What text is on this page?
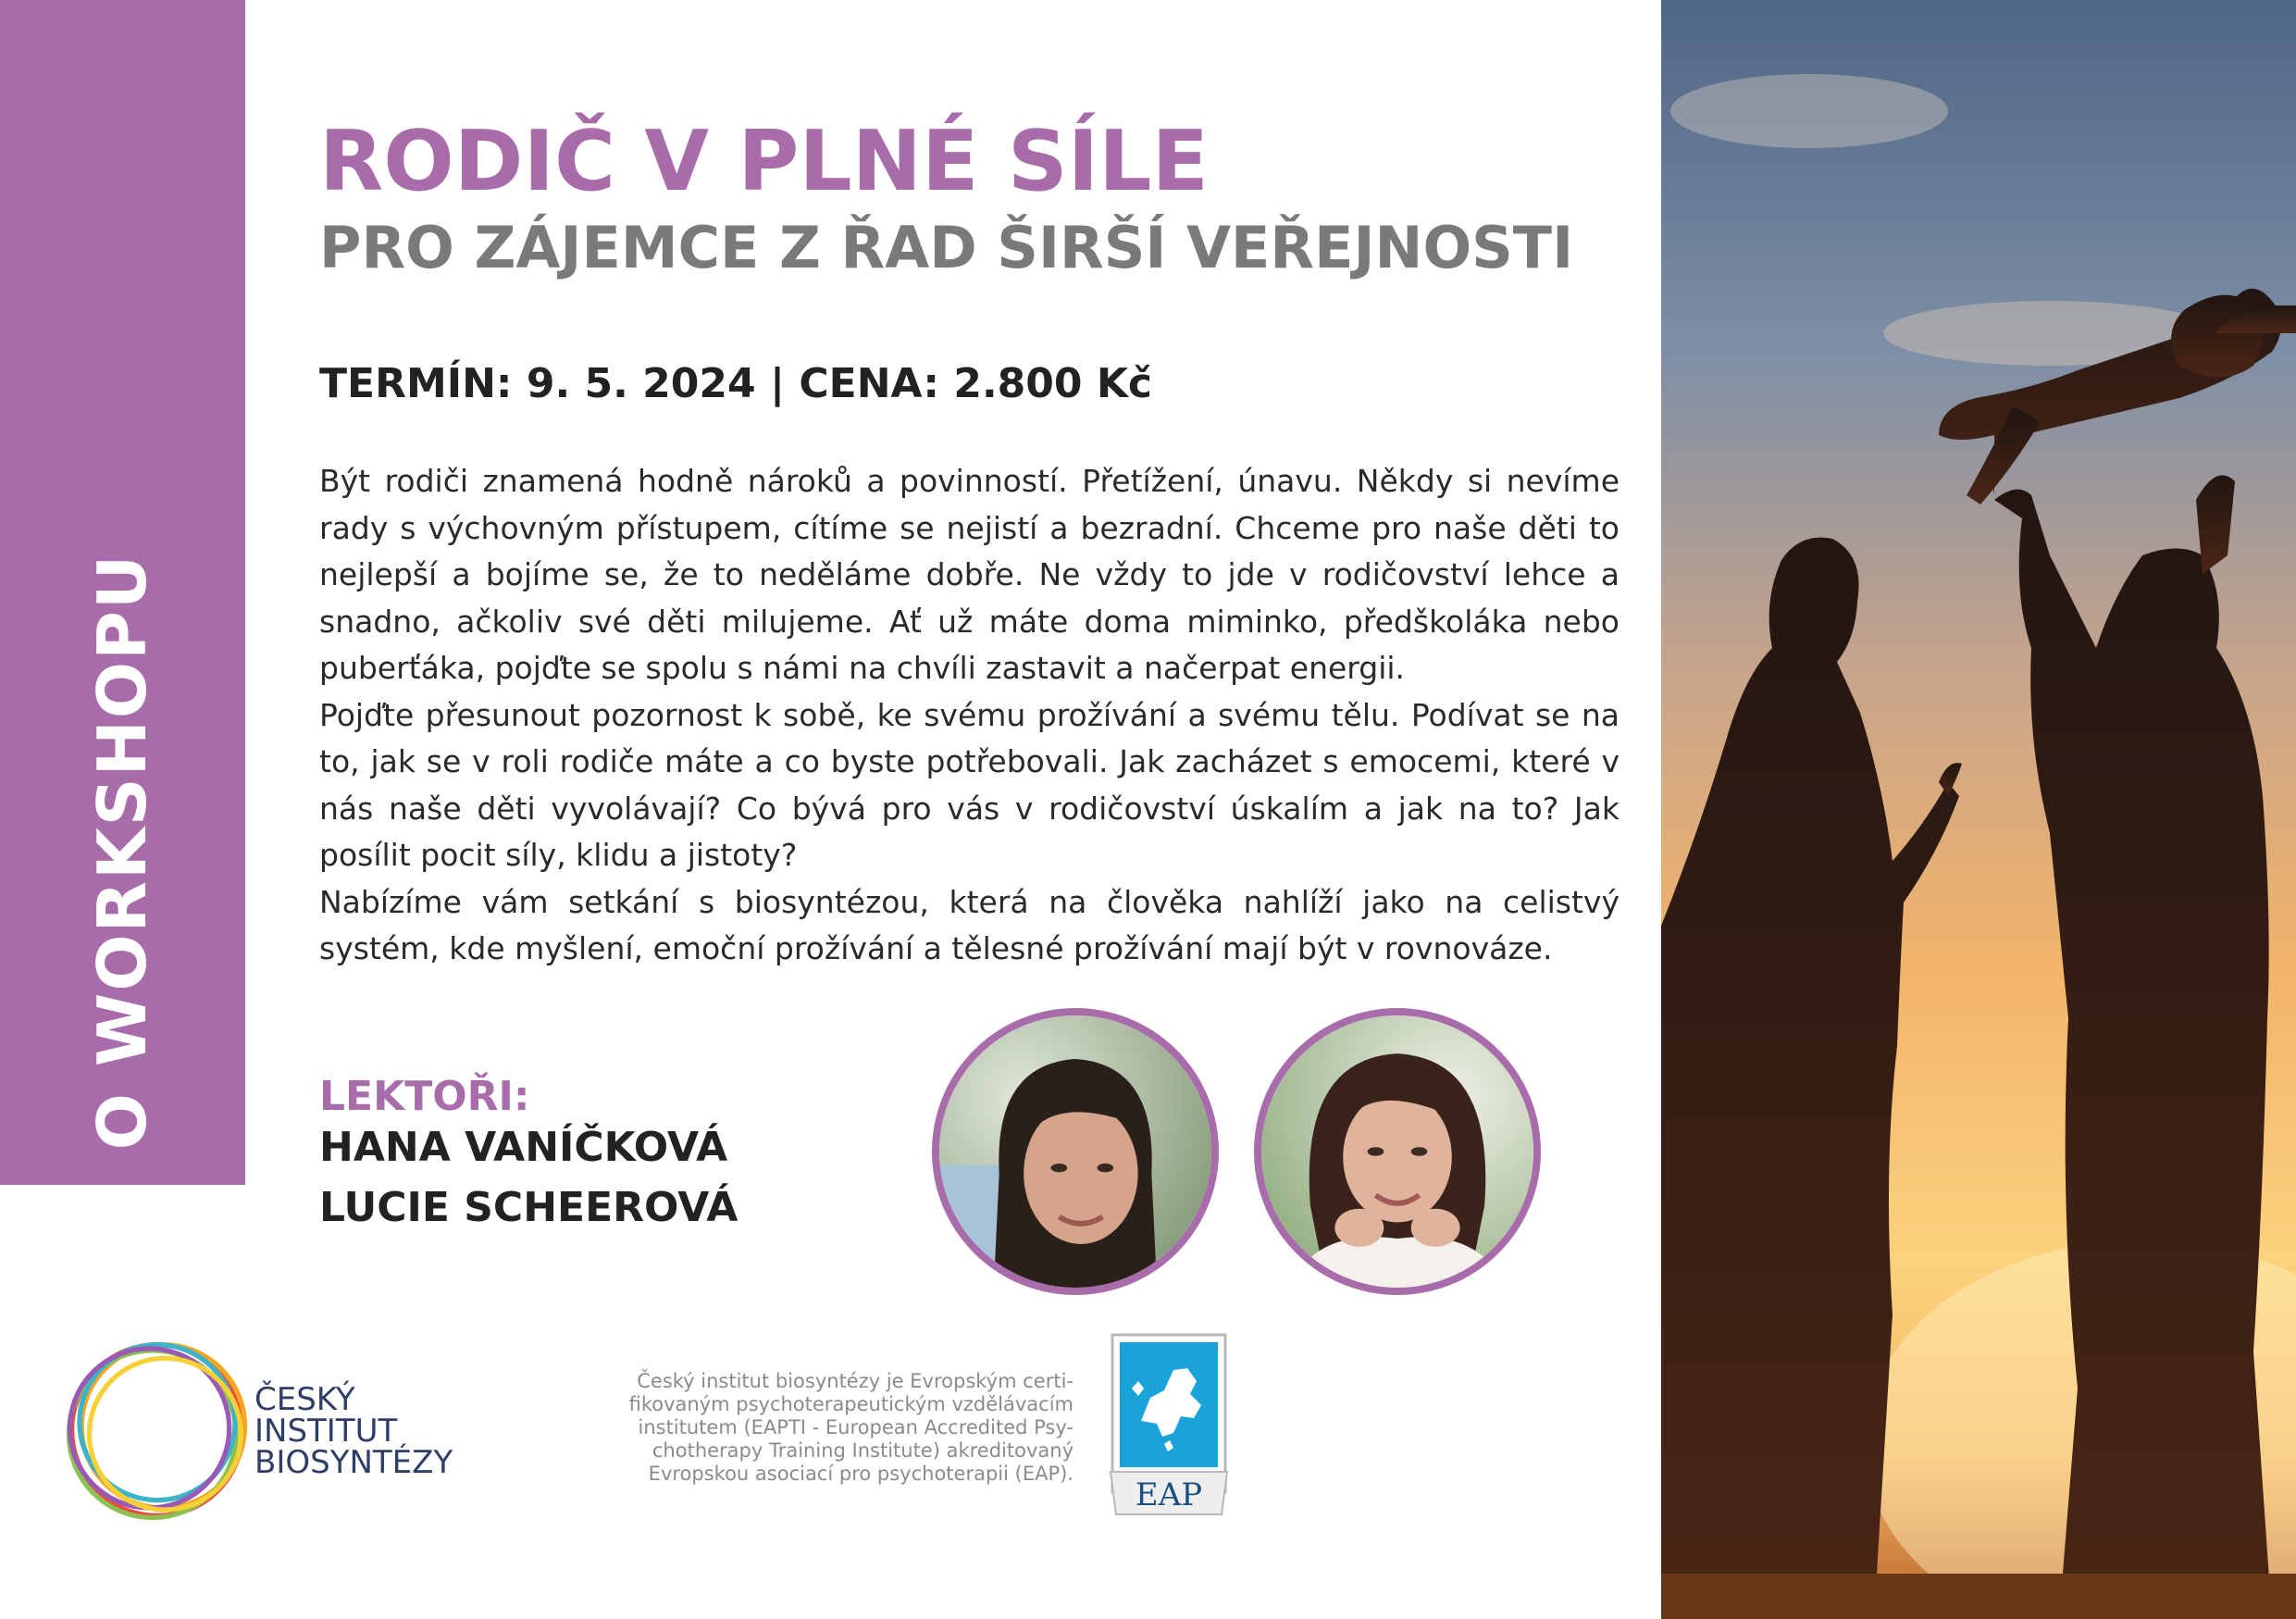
O WORKSHOPU
RODIČ V PLNÉ SÍLE
PRO ZÁJEMCE Z ŘAD ŠIRŠÍ VEŘEJNOSTI
TERMÍN: 9. 5. 2024 | CENA: 2.800 Kč

Být rodiči znamená hodně nároků a povinností. Přetížení, únavu. Někdy si nevíme rady s výchovným přístupem, cítíme se nejistí a bezradní. Chceme pro naše děti to nejlepší a bojíme se, že to neděláme dobře. Ne vždy to jde v rodičovství lehce a snadno, ačkoliv své děti milujeme. Ať už máte doma miminko, předškoláka nebo puberťáka, pojďte se spolu s námi na chvíli zastavit a načerpat energii.

Pojďte přesunout pozornost k sobě, ke svému prožívání a svému tělu. Podívat se na to, jak se v roli rodiče máte a co byste potřebovali. Jak zacházet s emocemi, které v nás naše děti vyvolávají? Co bývá pro vás v rodičovství úskalím a jak na to? Jak posílit pocit síly, klidu a jistoty?

Nabízíme vám setkání s biosyntézou, která na člověka nahlíží jako na celistvý systém, kde myšlení, emoční prožívání a tělesné prožívání mají být v rovnováze.

LEKTOŘI:
HANA VANÍČKOVÁ
LUCIE SCHEEROVÁ
ČESKÝ
INSTITUT
BIOSYNTÉZY
Český institut biosyntézy je Evropským certi-
fikovaným psychoterapeutickým vzdělávacím
institutem (EAPTI - European Accredited Psy-
chotherapy Training Institute) akreditovaný
Evropskou asociací pro psychoterapii (EAP).
EAP
